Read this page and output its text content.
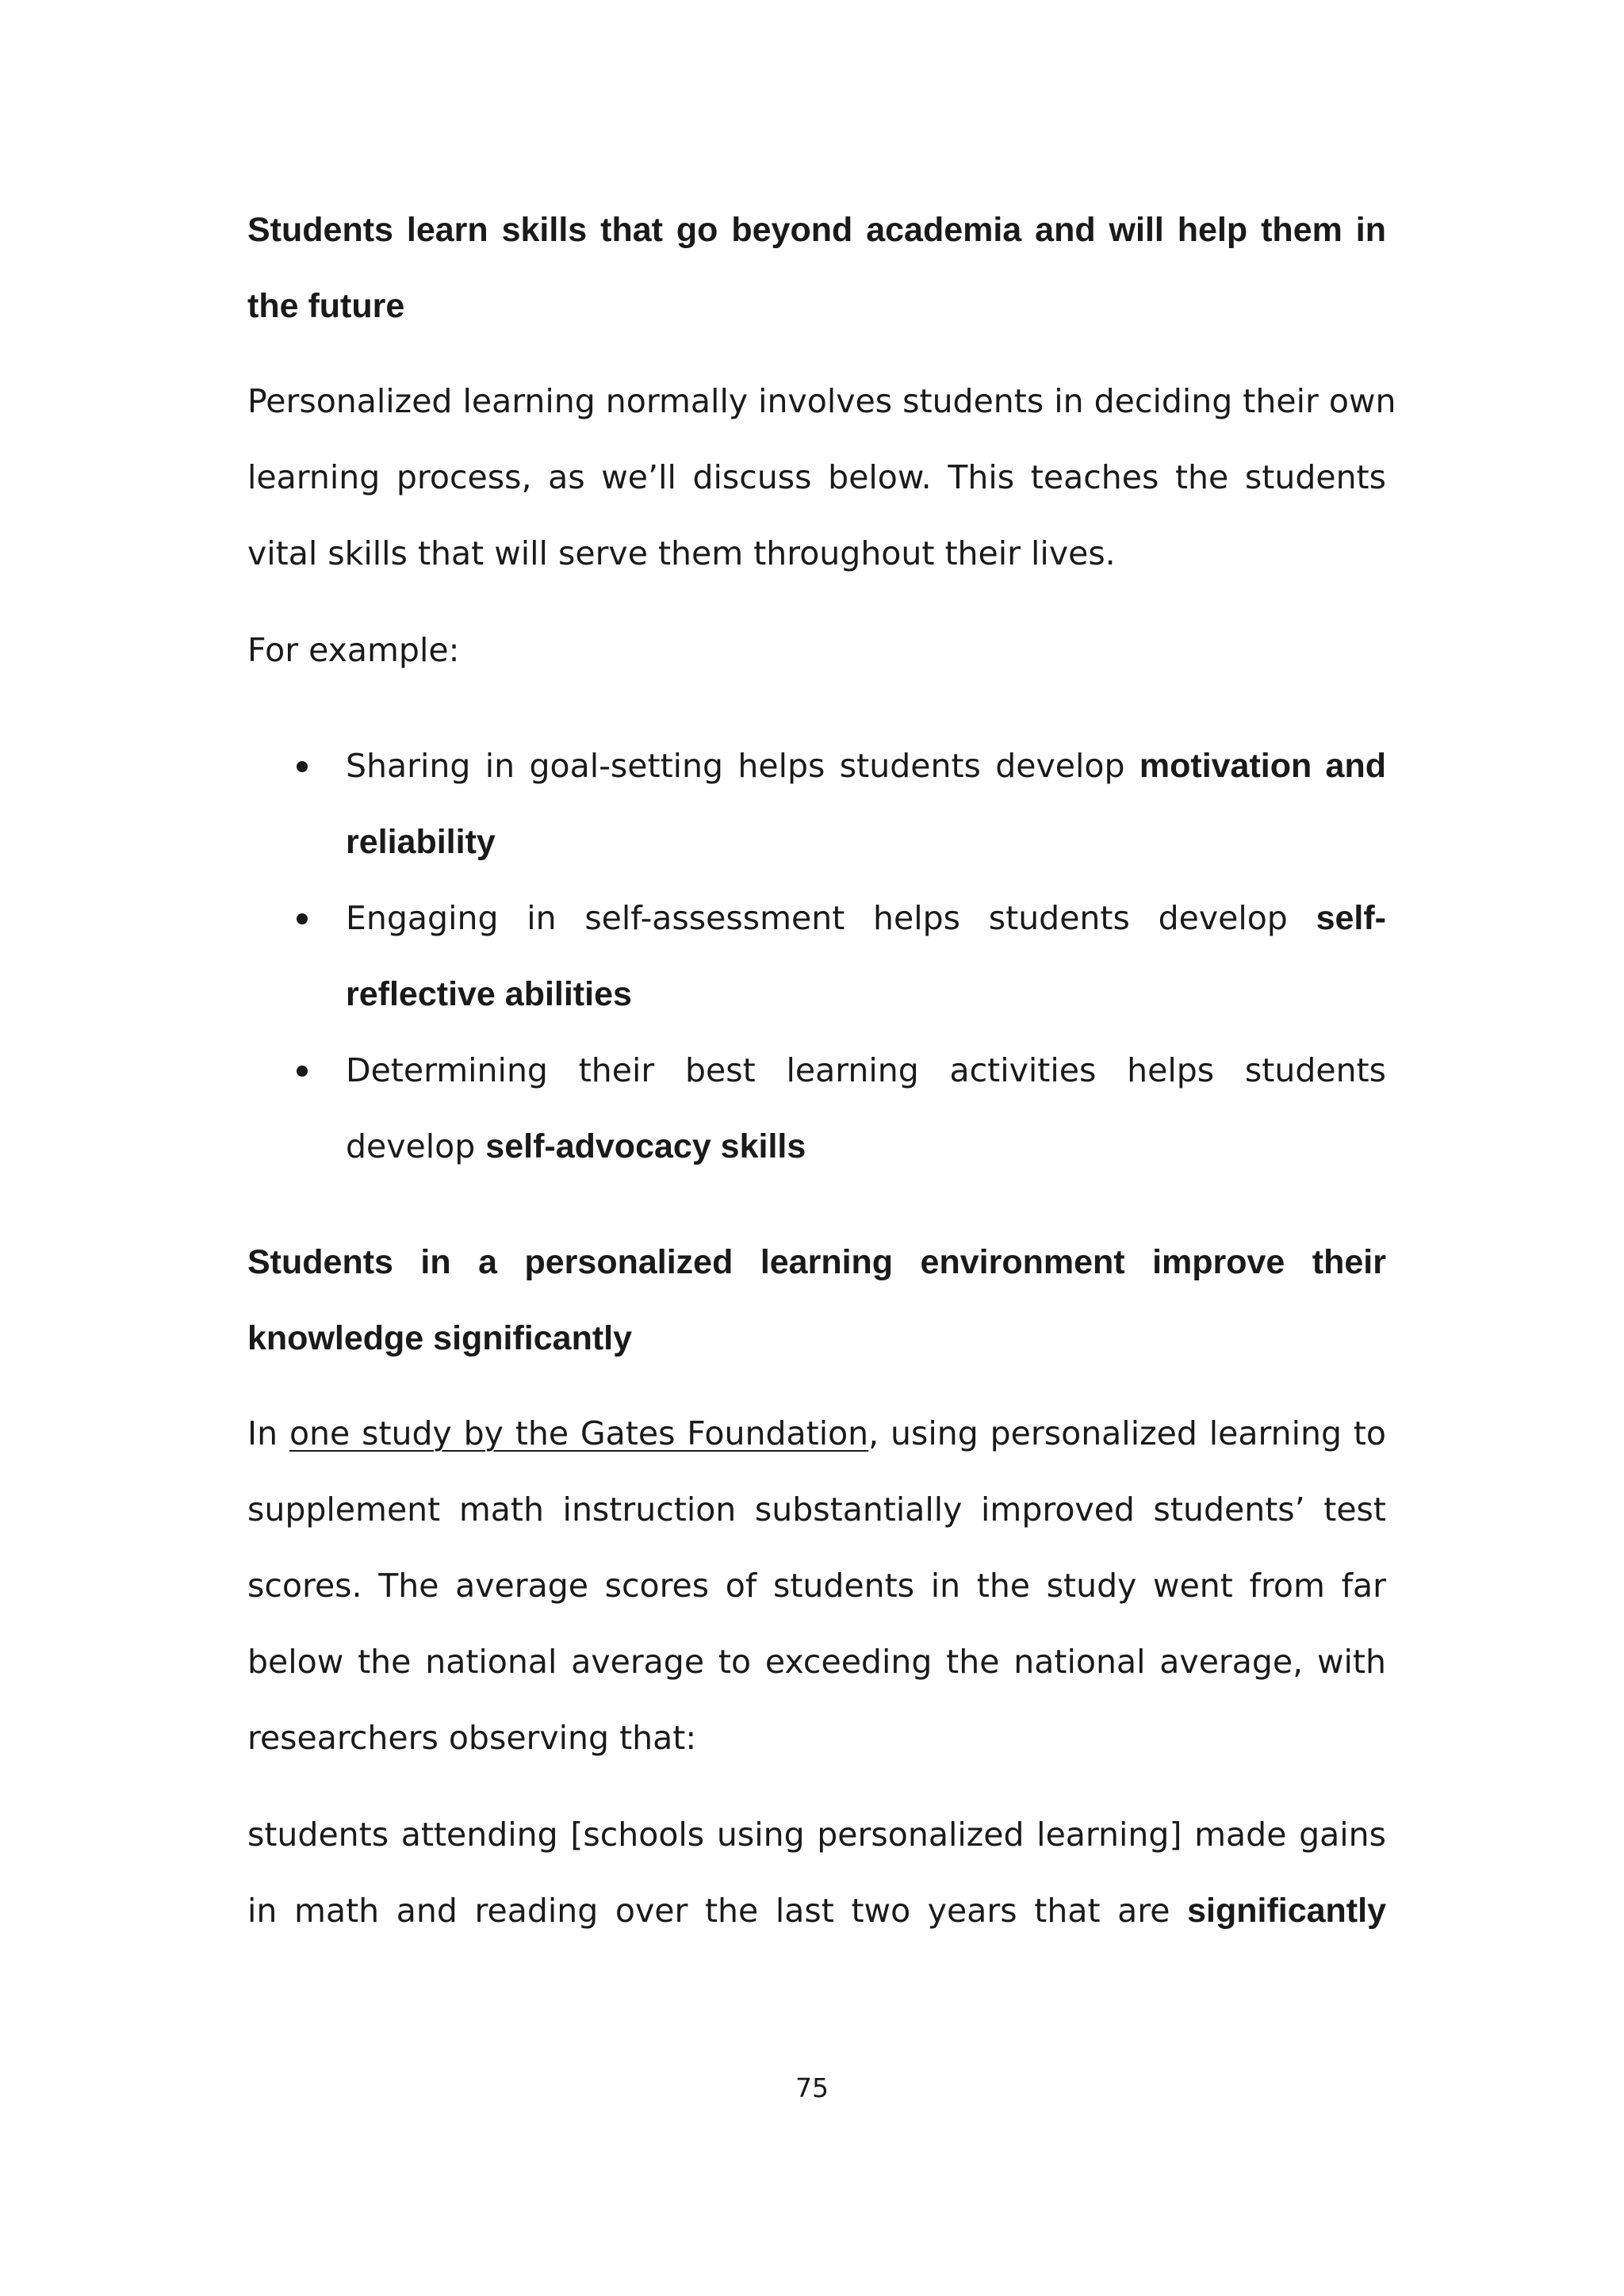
Students learn skills that go beyond academia and will help them in
the future
Personalized learning normally involves students in deciding their own
learning process, as we’ll discuss below. This teaches the students
vital skills that will serve them throughout their lives.
For example:
Sharing in goal-setting helps students develop motivation and
reliability
Engaging in self-assessment helps students develop self-
reflective abilities
Determining their best learning activities helps students
develop self-advocacy skills
Students in a personalized learning environment improve their
knowledge significantly
In one study by the Gates Foundation, using personalized learning to
supplement math instruction substantially improved students’ test
scores. The average scores of students in the study went from far
below the national average to exceeding the national average, with
researchers observing that:
students attending [schools using personalized learning] made gains
in math and reading over the last two years that are significantly
75
